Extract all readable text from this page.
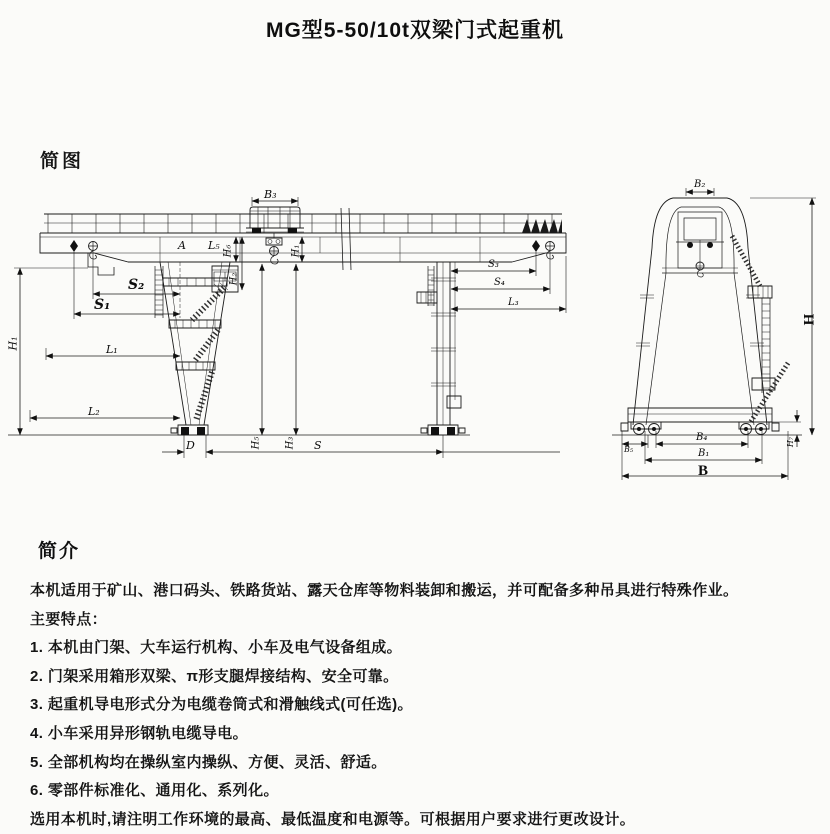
MG型5-50/10t双梁门式起重机
简图
B₃
A L₅ H₆
H₂
H₁
S₂
S₁
L₁
L₂
H₁
H₅ H₃
D	S
S₃
S₄
L₃
B₂
H
H₇
B₄
B₁
B
B₅
简介

本机适用于矿山、港口码头、铁路货站、露天仓库等物料装卸和搬运，并可配备多种吊具进行特殊作业。

主要特点：

1. 本机由门架、大车运行机构、小车及电气设备组成。

2. 门架采用箱形双梁、π形支腿焊接结构、安全可靠。

3. 起重机导电形式分为电缆卷筒式和滑触线式(可任选)。

4. 小车采用异形钢轨电缆导电。

5. 全部机构均在操纵室内操纵、方便、灵活、舒适。

6. 零部件标准化、通用化、系列化。

选用本机时,请注明工作环境的最高、最低温度和电源等。可根据用户要求进行更改设计。
